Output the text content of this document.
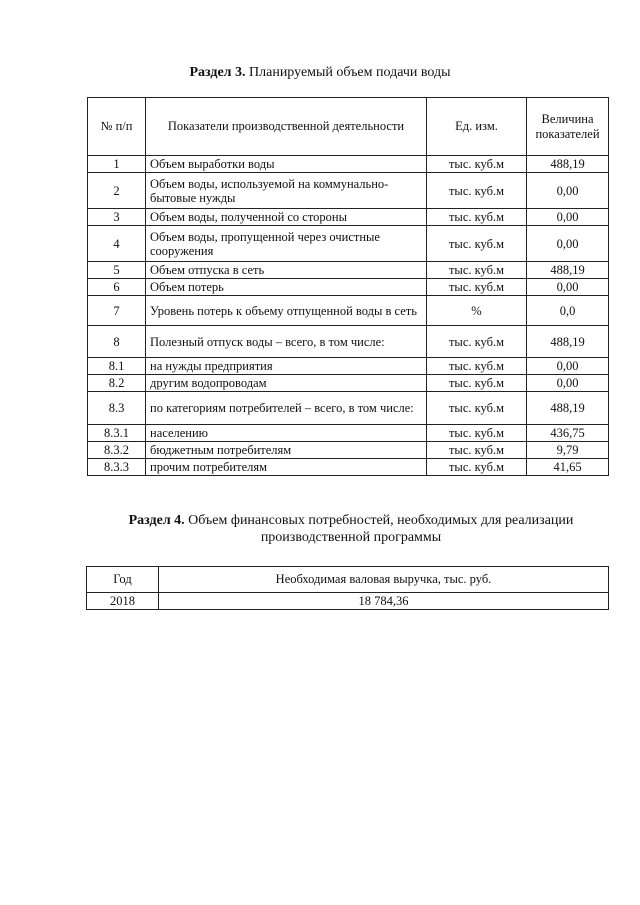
Раздел 3. Планируемый объем подачи воды
№ п/п	Показатели производственной деятельности	Ед. изм.	Величина показателей
1	Объем выработки воды	тыс. куб.м	488,19
2	Объем воды, используемой на коммунально-бытовые нужды	тыс. куб.м	0,00
3	Объем воды, полученной со стороны	тыс. куб.м	0,00
4	Объем воды, пропущенной через очистные сооружения	тыс. куб.м	0,00
5	Объем отпуска в сеть	тыс. куб.м	488,19
6	Объем потерь	тыс. куб.м	0,00
7	Уровень потерь к объему отпущенной воды в сеть	%	0,0
8	Полезный отпуск воды – всего, в том числе:	тыс. куб.м	488,19
8.1	на нужды предприятия	тыс. куб.м	0,00
8.2	другим водопроводам	тыс. куб.м	0,00
8.3	по категориям потребителей – всего, в том числе:	тыс. куб.м	488,19
8.3.1	населению	тыс. куб.м	436,75
8.3.2	бюджетным потребителям	тыс. куб.м	9,79
8.3.3	прочим потребителям	тыс. куб.м	41,65
Раздел 4. Объем финансовых потребностей, необходимых для реализации производственной программы
Год	Необходимая валовая выручка, тыс. руб.
2018	18 784,36
